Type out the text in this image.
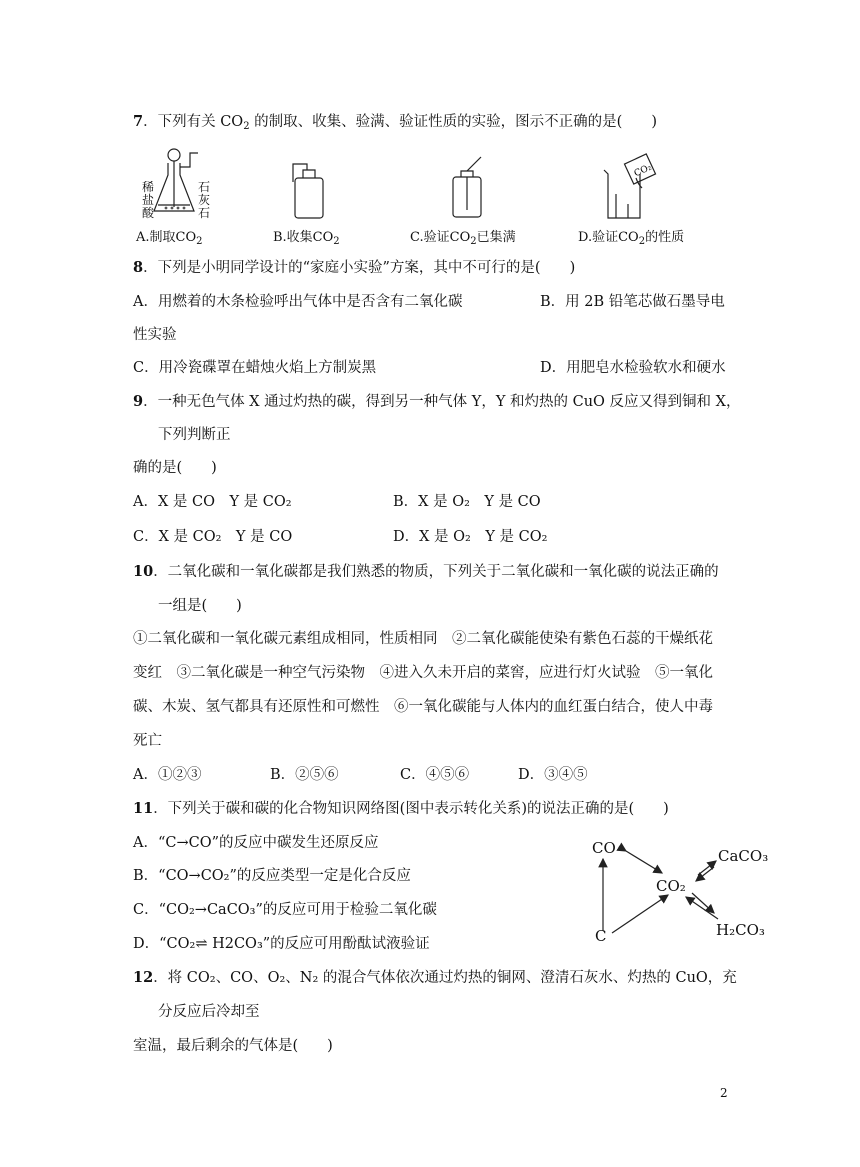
7．下列有关 $CO_2$ 的制取、收集、验满、验证性质的实验，图示不正确的是(　　)
稀
盐
酸
石
灰
石
A.制取$CO_2$	B.收集$CO_2$	C.验证$CO_2$已集满
CO₂
D.验证$CO_2$的性质
8．下列是小明同学设计的“家庭小实验”方案，其中不可行的是(　　)
A．用燃着的木条检验呼出气体中是否含有二氧化碳	B．用 2B 铅笔芯做石墨导电
性实验
C．用冷瓷碟罩在蜡烛火焰上方制炭黑	D．用肥皂水检验软水和硬水
9．一种无色气体 X 通过灼热的碳，得到另一种气体 Y，Y 和灼热的 CuO 反应又得到铜和 X，
下列判断正
确的是(　　)
A．X 是 CO　Y 是 CO₂	B．X 是 O₂　Y 是 CO
C．X 是 CO₂　Y 是 CO	D．X 是 O₂　Y 是 CO₂
10．二氧化碳和一氧化碳都是我们熟悉的物质，下列关于二氧化碳和一氧化碳的说法正确的
一组是(　　)
①二氧化碳和一氧化碳元素组成相同，性质相同　②二氧化碳能使染有紫色石蕊的干燥纸花
变红　③二氧化碳是一种空气污染物　④进入久未开启的菜窖，应进行灯火试验　⑤一氧化
碳、木炭、氢气都具有还原性和可燃性　⑥一氧化碳能与人体内的血红蛋白结合，使人中毒
死亡
A．①②③	B．②⑤⑥	C．④⑤⑥	D．③④⑤
11．下列关于碳和碳的化合物知识网络图(图中表示转化关系)的说法正确的是(　　)
A．“C→CO”的反应中碳发生还原反应
B．“CO→CO₂”的反应类型一定是化合反应
C．“CO₂→CaCO₃”的反应可用于检验二氧化碳
D．“CO₂⇌ H2CO₃”的反应可用酚酞试液验证
CO
CO₂
CaCO₃
H₂CO₃
C
12．将 CO₂、CO、O₂、N₂ 的混合气体依次通过灼热的铜网、澄清石灰水、灼热的 CuO，充
分反应后冷却至
室温，最后剩余的气体是(　　)
2
